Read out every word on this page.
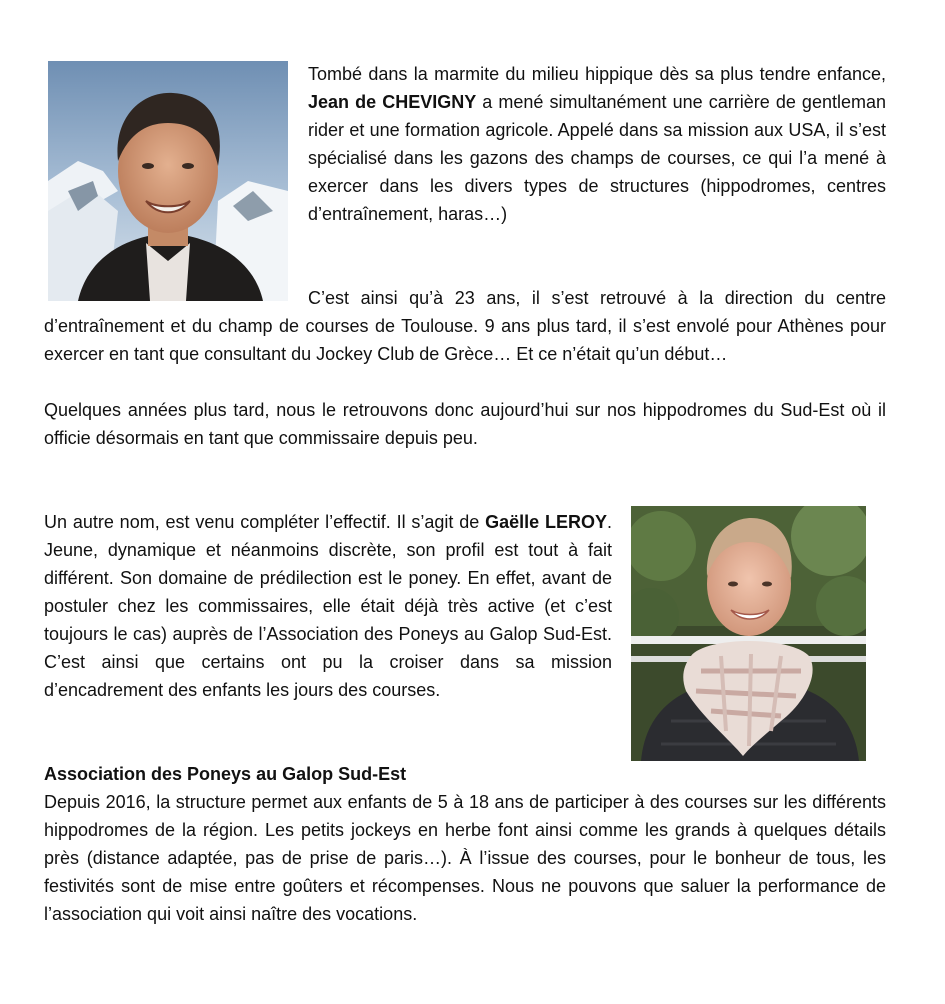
Tombé dans la marmite du milieu hippique dès sa plus tendre enfance, Jean de CHEVIGNY a mené simultanément une carrière de gentleman rider et une formation agricole. Appelé dans sa mission aux USA, il s’est spécialisé dans les gazons des champs de courses, ce qui l’a mené à exercer dans les divers types de structures (hippodromes, centres d’entraînement, haras…)
C’est ainsi qu’à 23 ans, il s’est retrouvé à la direction du centre d’entraînement et du champ de courses de Toulouse. 9 ans plus tard, il s’est envolé pour Athènes pour exercer en tant que consultant du Jockey Club de Grèce… Et ce n’était qu’un début…
Quelques années plus tard, nous le retrouvons donc aujourd’hui sur nos hippodromes du Sud-Est où il officie désormais en tant que commissaire depuis peu.
Un autre nom, est venu compléter l’effectif. Il s’agit de Gaëlle LEROY. Jeune, dynamique et néanmoins discrète, son profil est tout à fait différent. Son domaine de prédilection est le poney. En effet, avant de postuler chez les commissaires, elle était déjà très active (et c’est toujours le cas) auprès de l’Association des Poneys au Galop Sud-Est. C’est ainsi que certains ont pu la croiser dans sa mission d’encadrement des enfants les jours des courses.
Association des Poneys au Galop Sud-Est
Depuis 2016, la structure permet aux enfants de 5 à 18 ans de participer à des courses sur les différents hippodromes de la région. Les petits jockeys en herbe font ainsi comme les grands à quelques détails près (distance adaptée, pas de prise de paris…). À l’issue des courses, pour le bonheur de tous, les festivités sont de mise entre goûters et récompenses. Nous ne pouvons que saluer la performance de l’association qui voit ainsi naître des vocations.
